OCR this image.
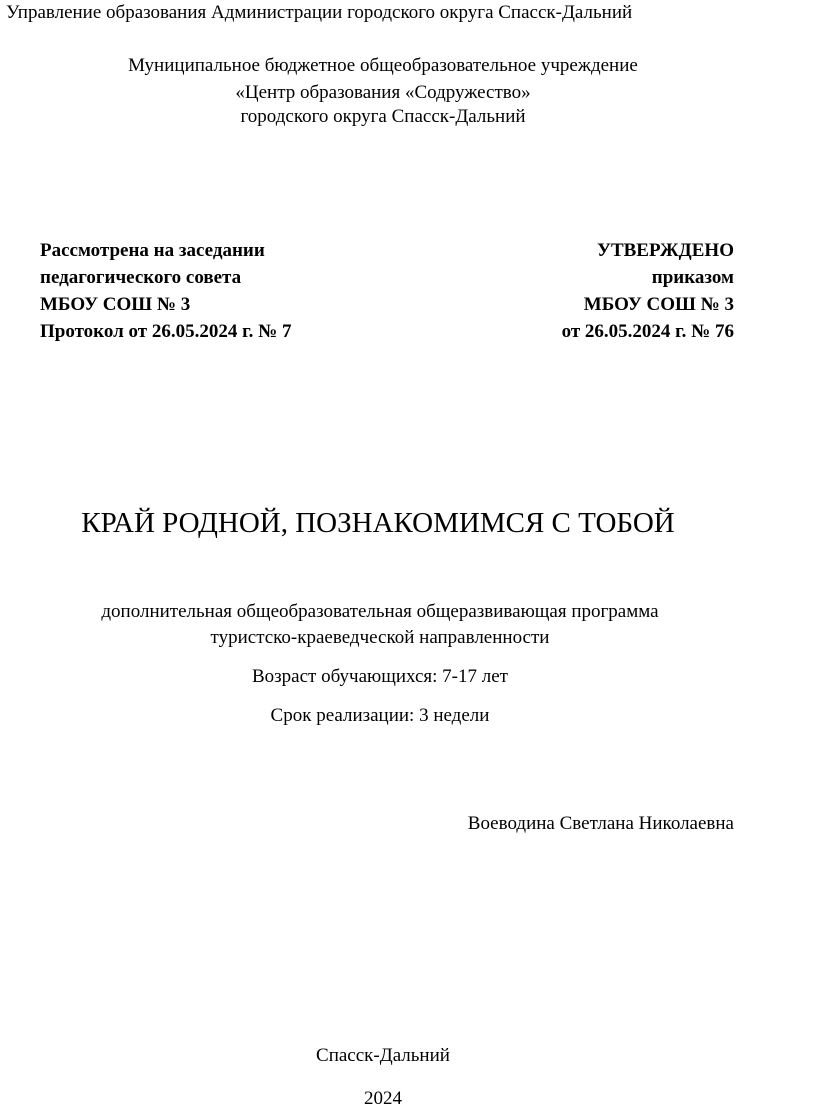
Управление образования Администрации городского округа Спасск-Дальний
Муниципальное бюджетное общеобразовательное учреждение
«Центр образования «Содружество»
городского округа Спасск-Дальний
Рассмотрена на заседании
педагогического совета
МБОУ СОШ № 3
Протокол от 26.05.2024 г. № 7
УТВЕРЖДЕНО
приказом
МБОУ СОШ № 3
от 26.05.2024 г. № 76
КРАЙ РОДНОЙ, ПОЗНАКОМИМСЯ С ТОБОЙ
дополнительная общеобразовательная общеразвивающая программа
туристско-краеведческой направленности
Возраст обучающихся: 7-17 лет
Срок реализации: 3 недели
Воеводина Светлана Николаевна
Спасск-Дальний
2024
